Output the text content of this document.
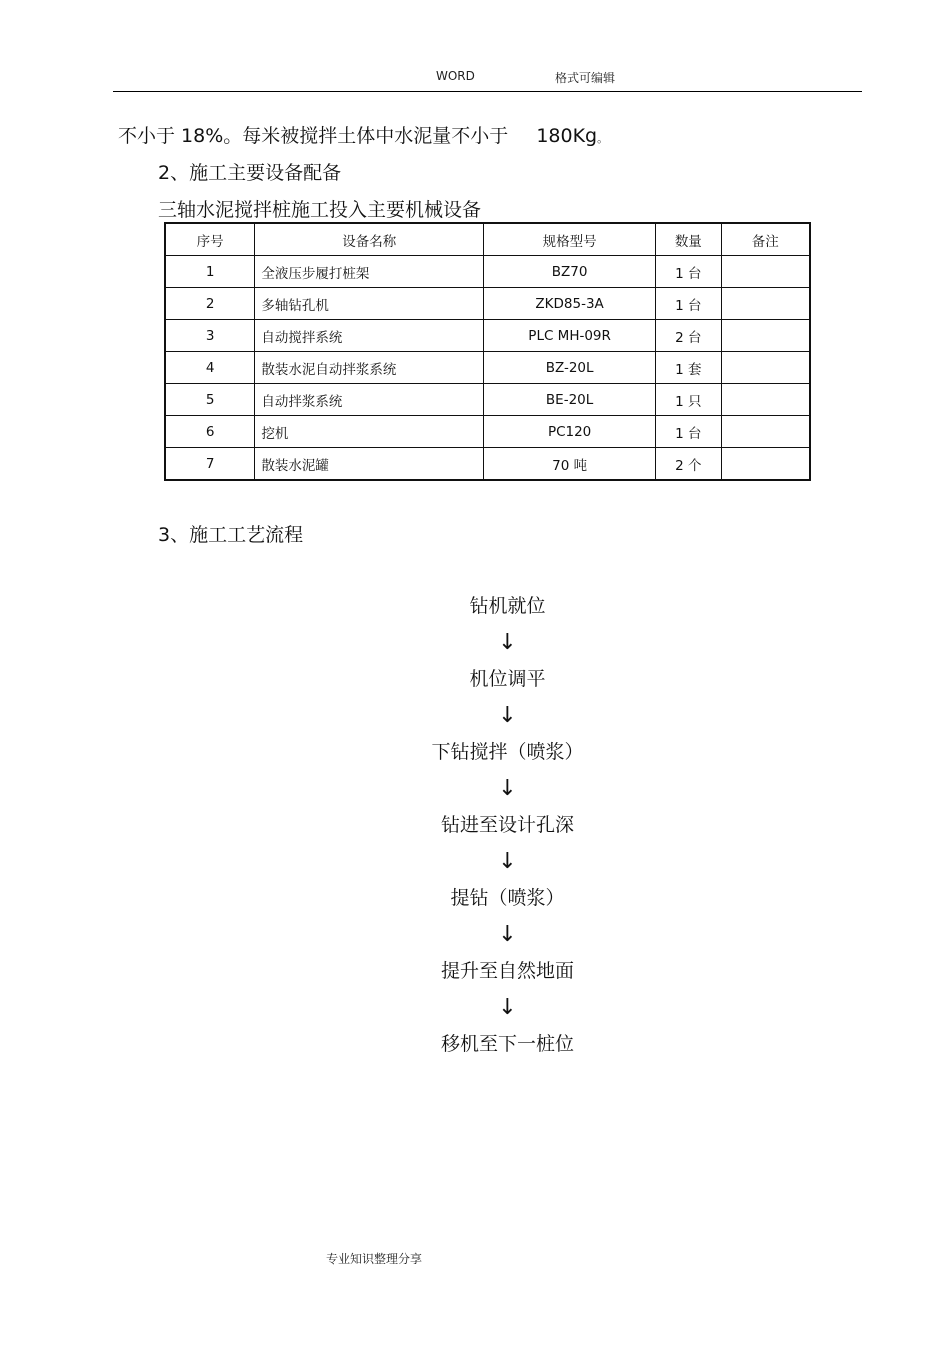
WORD	格式可编辑
不小于 18%。每米被搅拌土体中水泥量不小于 180Kg。
2、施工主要设备配备
三轴水泥搅拌桩施工投入主要机械设备
序号	设备名称	规格型号	数量	备注
1	全液压步履打桩架	BZ70	1 台	
2	多轴钻孔机	ZKD85-3A	1 台	
3	自动搅拌系统	PLC MH-09R	2 台	
4	散装水泥自动拌浆系统	BZ-20L	1 套	
5	自动拌浆系统	BE-20L	1 只	
6	挖机	PC120	1 台	
7	散装水泥罐	70 吨	2 个	
3、施工工艺流程
钻机就位
↓
机位调平
↓
下钻搅拌（喷浆）
↓
钻进至设计孔深
↓
提钻（喷浆）
↓
提升至自然地面
↓
移机至下一桩位
专业知识整理分享
